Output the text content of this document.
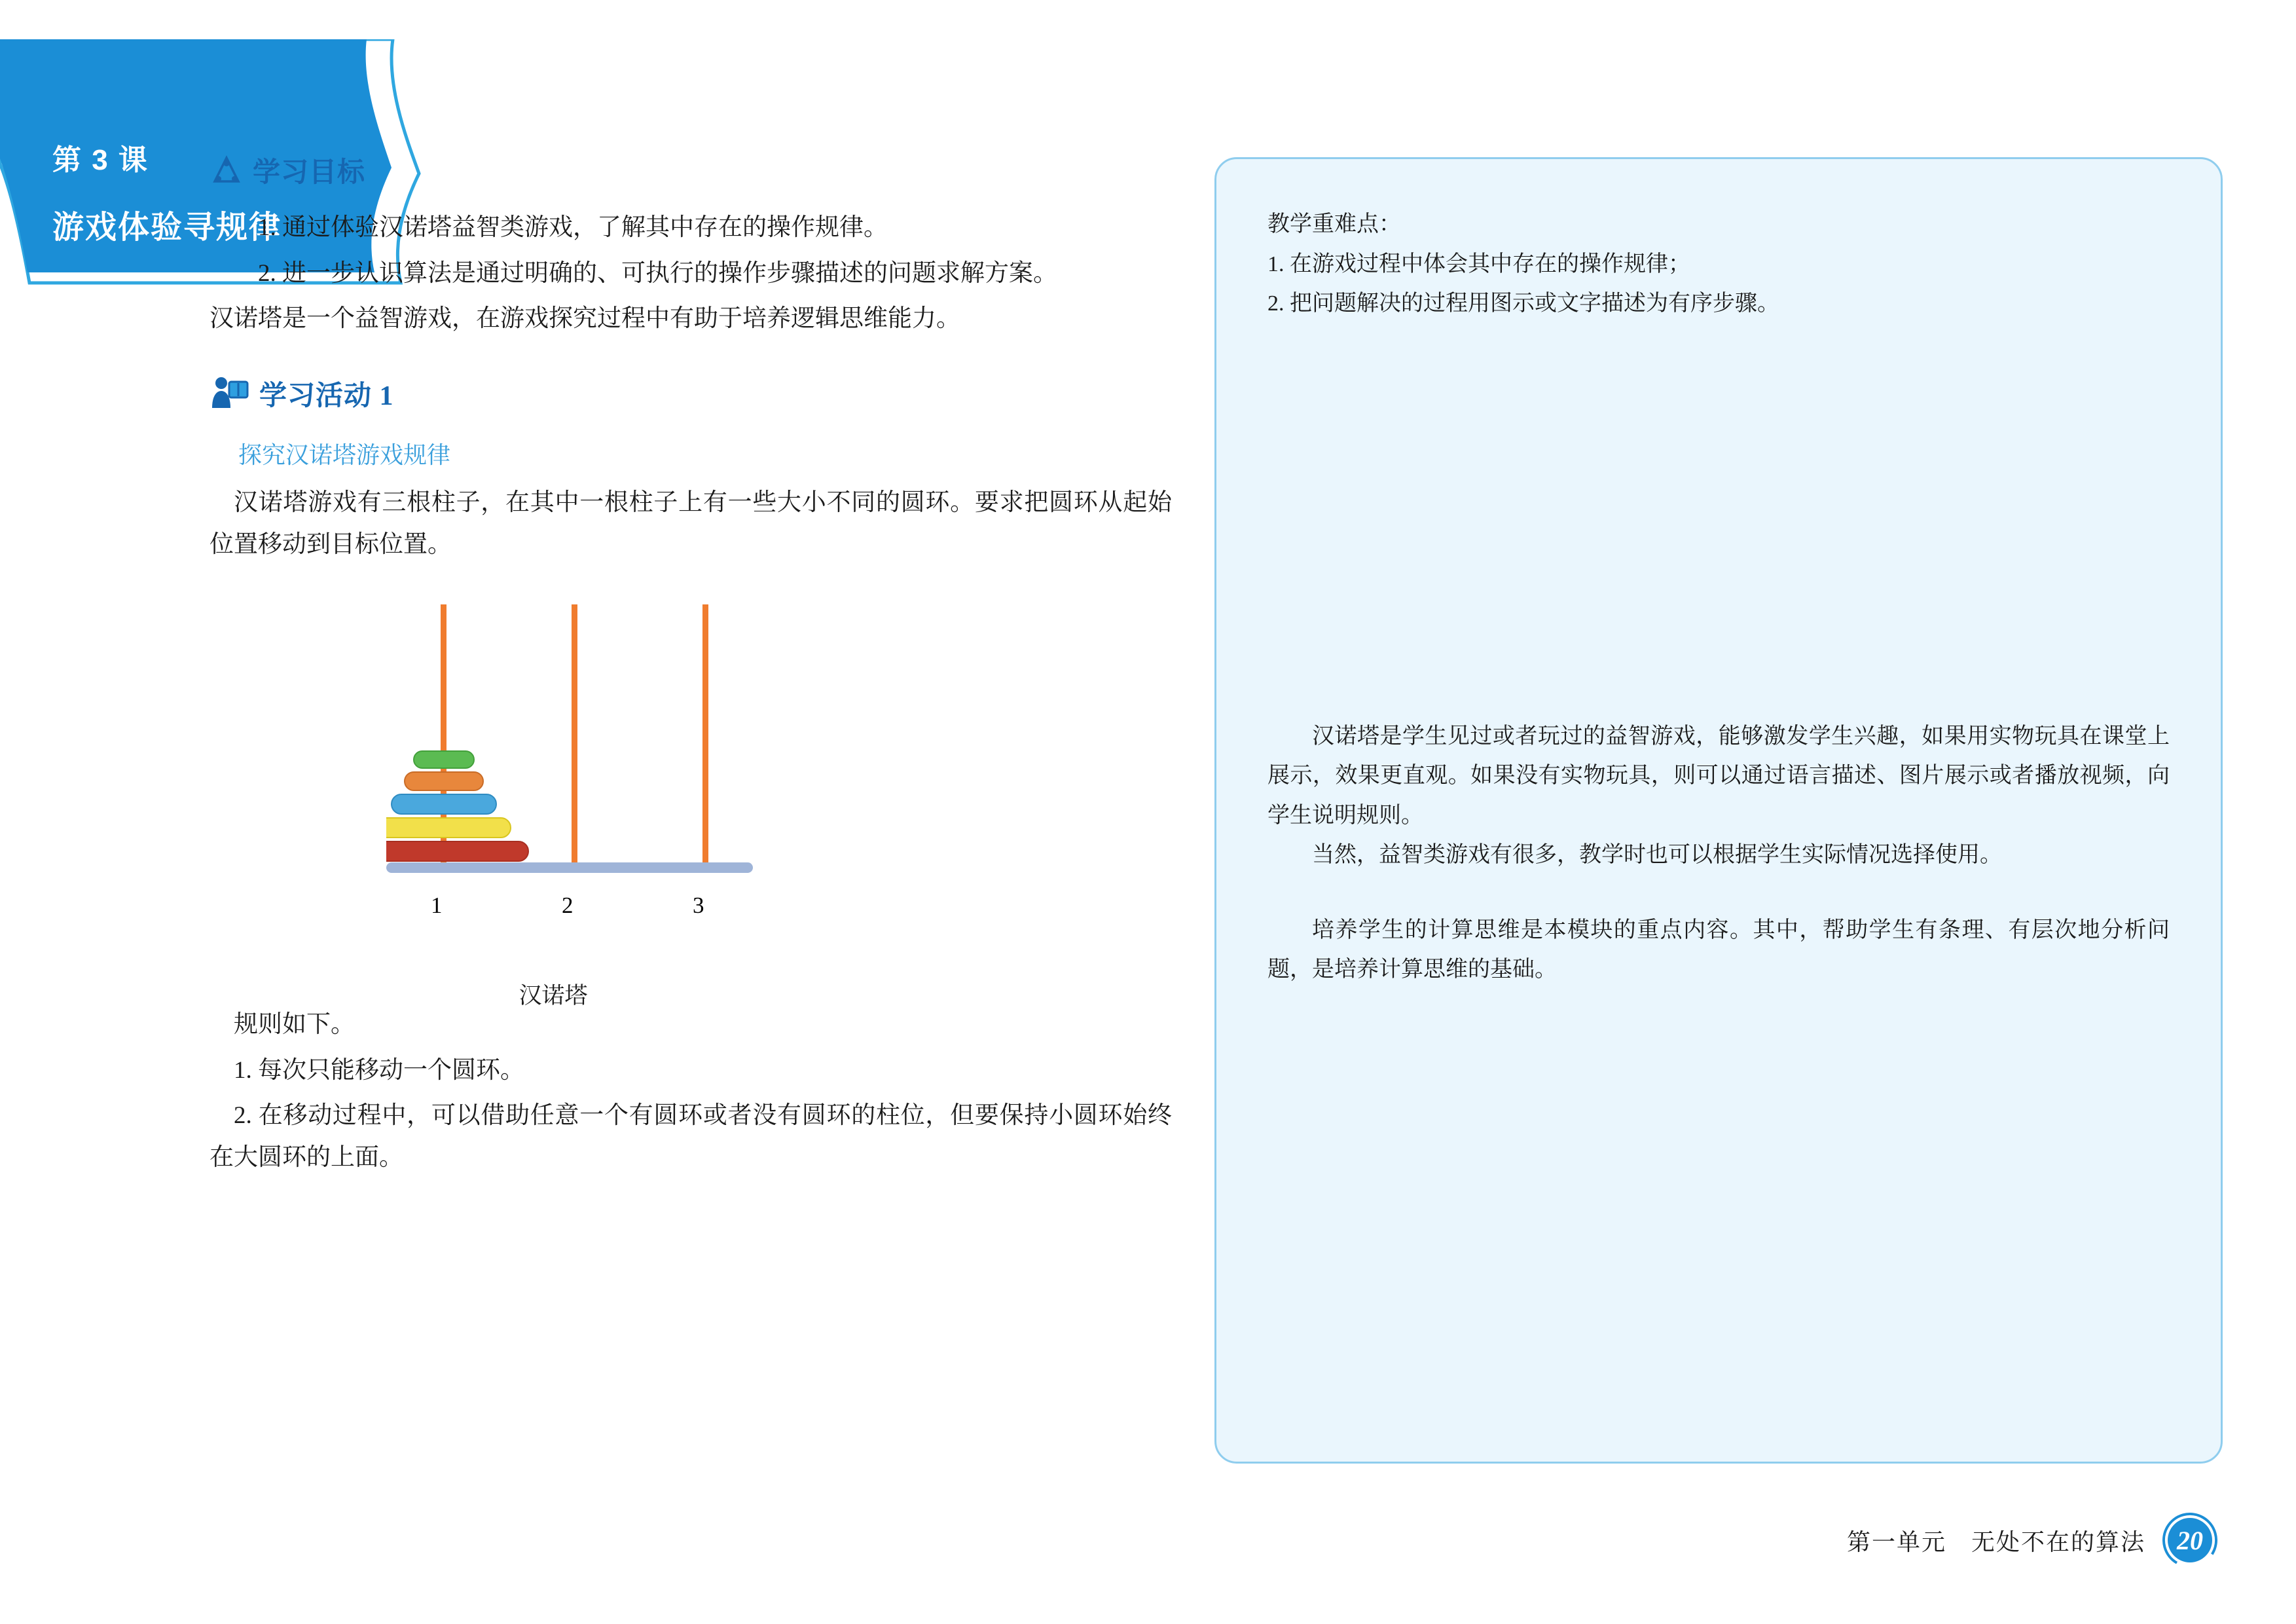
第 3 课
游戏体验寻规律
学习目标

1. 通过体验汉诺塔益智类游戏，了解其中存在的操作规律。

2. 进一步认识算法是通过明确的、可执行的操作步骤描述的问题求解方案。

汉诺塔是一个益智游戏，在游戏探究过程中有助于培养逻辑思维能力。

学习活动 1
探究汉诺塔游戏规律

汉诺塔游戏有三根柱子，在其中一根柱子上有一些大小不同的圆环。要求把圆环从起始位置移动到目标位置。

1	2	3
汉诺塔

规则如下。

1. 每次只能移动一个圆环。

2. 在移动过程中，可以借助任意一个有圆环或者没有圆环的柱位，但要保持小圆环始终在大圆环的上面。

教学重难点：

1. 在游戏过程中体会其中存在的操作规律；

2. 把问题解决的过程用图示或文字描述为有序步骤。

汉诺塔是学生见过或者玩过的益智游戏，能够激发学生兴趣，如果用实物玩具在课堂上展示，效果更直观。如果没有实物玩具，则可以通过语言描述、图片展示或者播放视频，向学生说明规则。

当然，益智类游戏有很多，教学时也可以根据学生实际情况选择使用。

培养学生的计算思维是本模块的重点内容。其中，帮助学生有条理、有层次地分析问题，是培养计算思维的基础。

第一单元　无处不在的算法 20
